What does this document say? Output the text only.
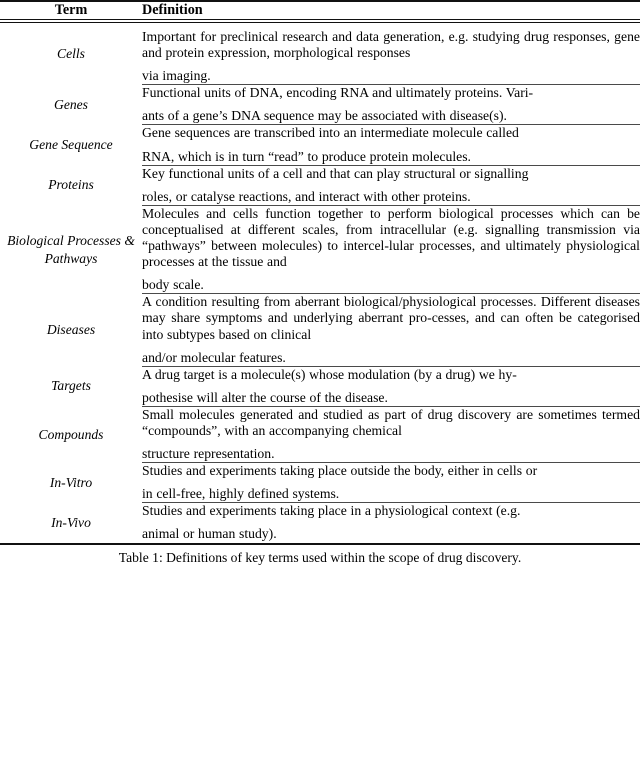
Term	Definition
Cells	Important for preclinical research and data generation, e.g. studying drug responses, gene and protein expression, morphological responses

via imaging.

Genes	Functional units of DNA, encoding RNA and ultimately proteins. Vari-

ants of a gene’s DNA sequence may be associated with disease(s).

Gene Sequence	Gene sequences are transcribed into an intermediate molecule called

RNA, which is in turn “read” to produce protein molecules.

Proteins	Key functional units of a cell and that can play structural or signalling

roles, or catalyse reactions, and interact with other proteins.

Biological Processes & Pathways	Molecules and cells function together to perform biological processes which can be conceptualised at different scales, from intracellular (e.g. signalling transmission via “pathways” between molecules) to intercel-lular processes, and ultimately physiological processes at the tissue and

body scale.

Diseases	A condition resulting from aberrant biological/physiological processes. Different diseases may share symptoms and underlying aberrant pro-cesses, and can often be categorised into subtypes based on clinical

and/or molecular features.

Targets	A drug target is a molecule(s) whose modulation (by a drug) we hy-

pothesise will alter the course of the disease.

Compounds	Small molecules generated and studied as part of drug discovery are sometimes termed “compounds”, with an accompanying chemical

structure representation.

In-Vitro	Studies and experiments taking place outside the body, either in cells or

in cell-free, highly defined systems.

In-Vivo	Studies and experiments taking place in a physiological context (e.g.

animal or human study).

Table 1: Definitions of key terms used within the scope of drug discovery.
